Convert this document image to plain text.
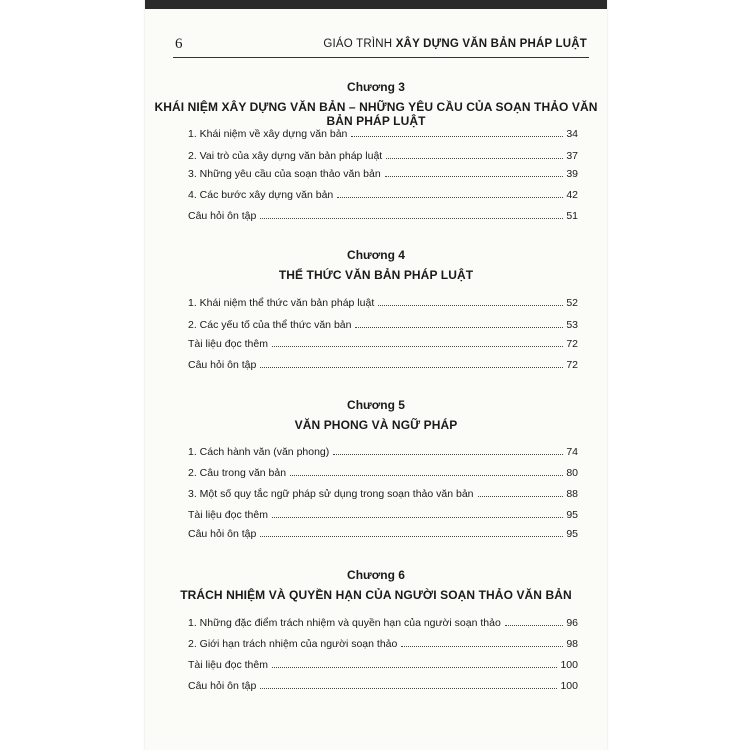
6	GIÁO TRÌNH XÂY DỰNG VĂN BẢN PHÁP LUẬT
Chương 3
KHÁI NIỆM XÂY DỰNG VĂN BẢN – NHỮNG YÊU CẦU CỦA SOẠN THẢO VĂN BẢN PHÁP LUẬT
1. Khái niệm về xây dựng văn bản	34
2. Vai trò của xây dựng văn bản pháp luật	37
3. Những yêu cầu của soạn thảo văn bản	39
4. Các bước xây dựng văn bản	42
Câu hỏi ôn tập	51
Chương 4
THỂ THỨC VĂN BẢN PHÁP LUẬT
1. Khái niệm thể thức văn bản pháp luật	52
2. Các yếu tố của thể thức văn bản	53
Tài liệu đọc thêm	72
Câu hỏi ôn tập	72
Chương 5
VĂN PHONG VÀ NGỮ PHÁP
1. Cách hành văn (văn phong)	74
2. Câu trong văn bản	80
3. Một số quy tắc ngữ pháp sử dụng trong soạn thảo văn bản	88
Tài liệu đọc thêm	95
Câu hỏi ôn tập	95
Chương 6
TRÁCH NHIỆM VÀ QUYỀN HẠN CỦA NGƯỜI SOẠN THẢO VĂN BẢN
1. Những đặc điểm trách nhiệm và quyền hạn của người soạn thảo	96
2. Giới hạn trách nhiệm của người soạn thảo	98
Tài liệu đọc thêm	100
Câu hỏi ôn tập	100
